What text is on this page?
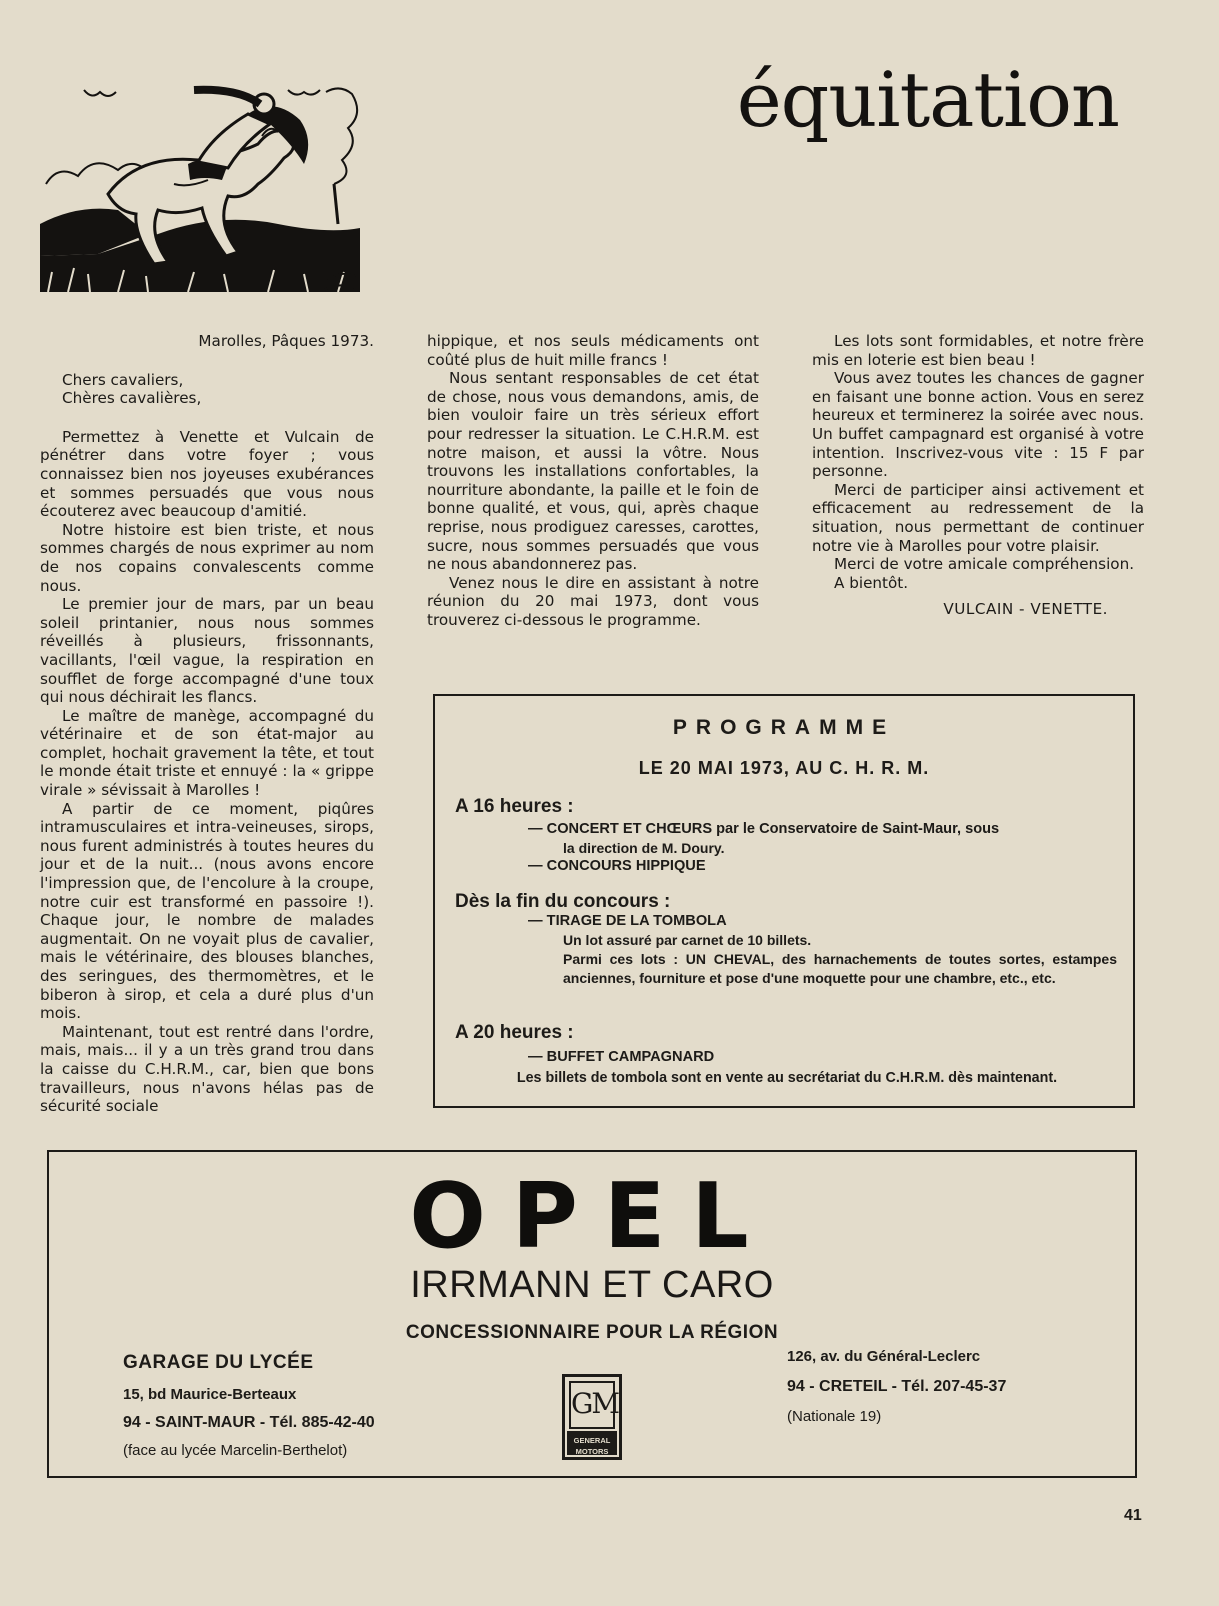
équitation

Marolles, Pâques 1973.

Chers cavaliers,

Chères cavalières,

Permettez à Venette et Vulcain de pénétrer dans votre foyer ; vous connaissez bien nos joyeuses exubérances et sommes persuadés que vous nous écouterez avec beaucoup d'amitié.

Notre histoire est bien triste, et nous sommes chargés de nous exprimer au nom de nos copains convalescents comme nous.

Le premier jour de mars, par un beau soleil printanier, nous nous sommes réveillés à plusieurs, frissonnants, vacillants, l'œil vague, la respiration en soufflet de forge accompagné d'une toux qui nous déchirait les flancs.

Le maître de manège, accompagné du vétérinaire et de son état-major au complet, hochait gravement la tête, et tout le monde était triste et ennuyé : la « grippe virale » sévissait à Marolles !

A partir de ce moment, piqûres intramusculaires et intra-veineuses, sirops, nous furent administrés à toutes heures du jour et de la nuit... (nous avons encore l'impression que, de l'encolure à la croupe, notre cuir est transformé en passoire !). Chaque jour, le nombre de malades augmentait. On ne voyait plus de cavalier, mais le vétérinaire, des blouses blanches, des seringues, des thermomètres, et le biberon à sirop, et cela a duré plus d'un mois.

Maintenant, tout est rentré dans l'ordre, mais, mais... il y a un très grand trou dans la caisse du C.H.R.M., car, bien que bons travailleurs, nous n'avons hélas pas de sécurité sociale

hippique, et nos seuls médicaments ont coûté plus de huit mille francs !

Nous sentant responsables de cet état de chose, nous vous demandons, amis, de bien vouloir faire un très sérieux effort pour redresser la situation. Le C.H.R.M. est notre maison, et aussi la vôtre. Nous trouvons les installations confortables, la nourriture abondante, la paille et le foin de bonne qualité, et vous, qui, après chaque reprise, nous prodiguez caresses, carottes, sucre, nous sommes persuadés que vous ne nous abandonnerez pas.

Venez nous le dire en assistant à notre réunion du 20 mai 1973, dont vous trouverez ci-dessous le programme.

Les lots sont formidables, et notre frère mis en loterie est bien beau !

Vous avez toutes les chances de gagner en faisant une bonne action. Vous en serez heureux et terminerez la soirée avec nous. Un buffet campagnard est organisé à votre intention. Inscrivez-vous vite : 15 F par personne.

Merci de participer ainsi activement et efficacement au redressement de la situation, nous permettant de continuer notre vie à Marolles pour votre plaisir.

Merci de votre amicale compréhension.

A bientôt.

VULCAIN - VENETTE.

PROGRAMME
LE 20 MAI 1973, AU C. H. R. M.
A 16 heures :
— CONCERT ET CHŒURS par le Conservatoire de Saint-Maur, sous
la direction de M. Doury.
— CONCOURS HIPPIQUE
Dès la fin du concours :
— TIRAGE DE LA TOMBOLA
Un lot assuré par carnet de 10 billets.
Parmi ces lots : UN CHEVAL, des harnachements de toutes sortes, estampes anciennes, fourniture et pose d'une moquette pour une chambre, etc., etc.
A 20 heures :
— BUFFET CAMPAGNARD
Les billets de tombola sont en vente au secrétariat du C.H.R.M. dès maintenant.
OPEL
IRRMANN ET CARO
CONCESSIONNAIRE POUR LA RÉGION
GARAGE DU LYCÉE
15, bd Maurice-Berteaux
94 - SAINT-MAUR - Tél. 885-42-40
(face au lycée Marcelin-Berthelot)
GM
GENERAL
MOTORS
126, av. du Général-Leclerc
94 - CRETEIL - Tél. 207-45-37
(Nationale 19)
41
